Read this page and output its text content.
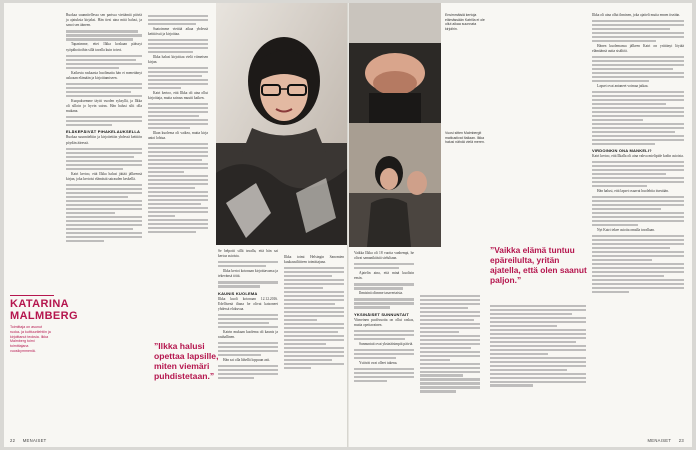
Ruokaa suunnitellessa sen parissa viettämiä päiviä ja ajatuksia kirjaksi. Hän tiesi aina mitä halusi, ja sanoi sen ääneen.

Tapasimme, ettei Ilkka koskaan päässyt syöpähoitoihin sillä tavalla kuin toivoi.

Kaikesta raskaasta huolimatta hän ei menettänyt uskoaan elämään ja kirjoittamiseen.

Kuopuksemme täytti vuoden syksyllä, ja Ilkka oli silloin jo hyvin sairas. Hän halusi silti olla mukana.

ELÄKEPÄIVÄT PIHAKELAUKSELLA

Ruokaa suunniteltiin ja kirjoitettiin yhdessä keittiön pöydän ääressä.

Katri kertoo, että Ilkka halusi jättää jälkeensä kirjan, joka kertoisi elämästä sairauden keskellä.

KATARINA MALMBERG
Toimittaja on asunut ruoka- ja kulttuurilehtiin ja kirjoittanut teoksia. Ilkka Malmberg toimi toimittajana vuosikymmeniä.

Saatoimme viettää aikaa yhdessä keittiössä ja kirjoittaa.

Ilkka halusi kirjoittaa vielä viimeisen kirjan.

Katri kertoo, että Ilkka oli aina ollut kirjoittaja, mutta sairaus muutti kaiken.

Ilkan kuolema oli vaikea, mutta kirja antoi lohtua.

”Ilkka halusi opettaa lapsille, miten viemäri puhdistetaan.”

Se helpotti sillä tavalla, että hän sai kertoa asioista.

Ilkka kertoi kotonaan kirjoittavansa ja tekevänsä töitä.

KAUNIS KUOLEMA

Ilkka kuoli kotonaan 12.12.2016. Edellisenä iltana he olivat katsoneet yhdessä elokuvaa.

Katrin mukaan kuolema oli kaunis ja rauhallinen.

Hän sai olla lähellä loppuun asti.

Ilkka toimi Helsingin Sanomien kuukausiliitteen toimittajana.

22 MENAISET
Ensimmäisiä kertoja elämässään Katrilla ei ole ollut aikaa suunnata kirjoihin.
Vuosi sitten Malmbergit matkustivat Italiaan. Ilkka halusi nähdä vielä meren.

Vaikka Ilkka oli 18 vuotta vanhempi, he olivat samanikäisiä sielultaan.

Ajatelin aina, että minä kuolisin ensin.

Ihmisinä olimme tasavertaisia.

YKSINÄISET SUNNUNTAIT

Viimeinen puolivuotta on ollut raskas, mutta opettavainen.

Sunnuntait ovat yksinäisimpiä päiviä.

Ystävät ovat olleet tukena.

”Vaikka elämä tuntuu epäreilulta, yritän ajatella, että olen saanut paljon.”

Ilkka oli aina ollut ihminen, joka ajatteli muita ennen itseään.

Hänen kuolemansa jälkeen Katri on yrittänyt löytää elämäänsä uutta sisältöä.

Lapset ovat antaneet voimaa jatkaa.

VIRDOINKIN ONA MANKELI?

Katri kertoo, että Ilkalla oli aina vahva mielipide kodin asioista.

Hän halusi, että lapset osaavat huolehtia itsestään.

Nyt Katri tekee asioita omalla tavallaan.

MENAISET 23
